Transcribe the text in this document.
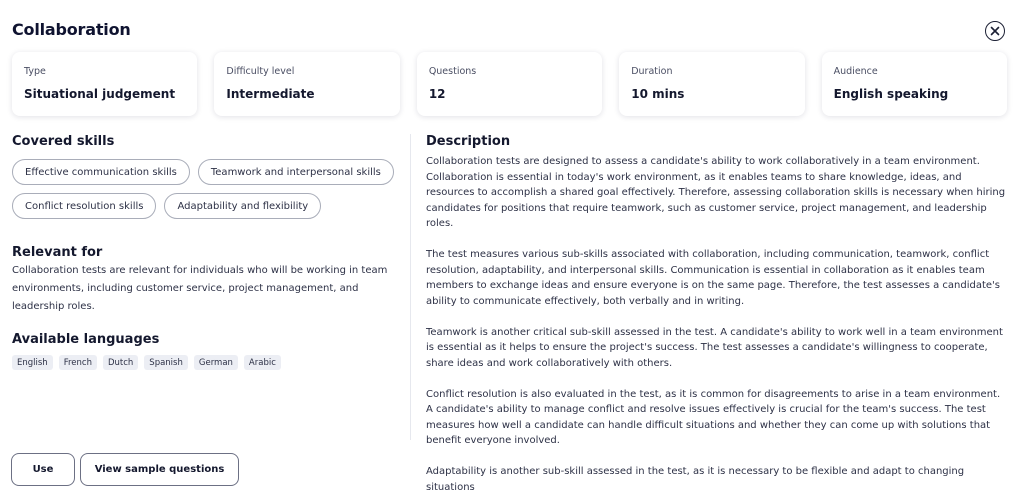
Collaboration
Type
Situational judgement
Difficulty level
Intermediate
Questions
12
Duration
10 mins
Audience
English speaking
Covered skills
Effective communication skills	Teamwork and interpersonal skills
Conflict resolution skills	Adaptability and flexibility
Relevant for
Collaboration tests are relevant for individuals who will be working in team environments, including customer service, project management, and leadership roles.
Available languages
English	French	Dutch	Spanish	German	Arabic
Description

Collaboration tests are designed to assess a candidate's ability to work collaboratively in a team environment. Collaboration is essential in today's work environment, as it enables teams to share knowledge, ideas, and resources to accomplish a shared goal effectively. Therefore, assessing collaboration skills is necessary when hiring candidates for positions that require teamwork, such as customer service, project management, and leadership roles.

The test measures various sub-skills associated with collaboration, including communication, teamwork, conflict resolution, adaptability, and interpersonal skills. Communication is essential in collaboration as it enables team members to exchange ideas and ensure everyone is on the same page. Therefore, the test assesses a candidate's ability to communicate effectively, both verbally and in writing.

Teamwork is another critical sub-skill assessed in the test. A candidate's ability to work well in a team environment is essential as it helps to ensure the project's success. The test assesses a candidate's willingness to cooperate, share ideas and work collaboratively with others.

Conflict resolution is also evaluated in the test, as it is common for disagreements to arise in a team environment. A candidate's ability to manage conflict and resolve issues effectively is crucial for the team's success. The test measures how well a candidate can handle difficult situations and whether they can come up with solutions that benefit everyone involved.

Adaptability is another sub-skill assessed in the test, as it is necessary to be flexible and adapt to changing situations

Use	View sample questions
